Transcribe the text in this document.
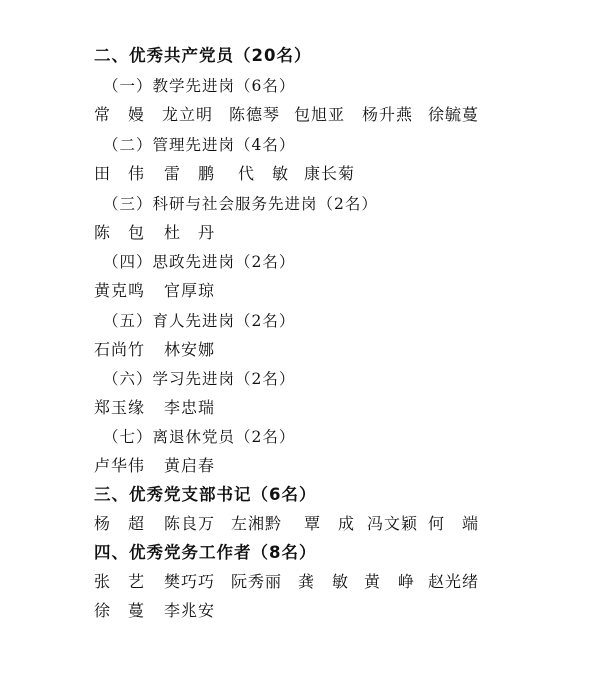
二、优秀共产党员（20名）
（一）教学先进岗（6名）
常　嫚 龙立明 陈德琴 包旭亚 杨升燕 徐毓蔓
（二）管理先进岗（4名）
田　伟 雷　鹏 代　敏 康长菊
（三）科研与社会服务先进岗（2名）
陈　包 杜　丹
（四）思政先进岗（2名）
黄克鸣 官厚琼
（五）育人先进岗（2名）
石尚竹 林安娜
（六）学习先进岗（2名）
郑玉缘 李忠瑞
（七）离退休党员（2名）
卢华伟 黄启春
三、优秀党支部书记（6名）
杨　超 陈良万 左湘黔 覃　成 冯文颖 何　端
四、优秀党务工作者（8名）
张　艺 樊巧巧 阮秀丽 龚　敏 黄　峥 赵光绪
徐　蔓 李兆安
